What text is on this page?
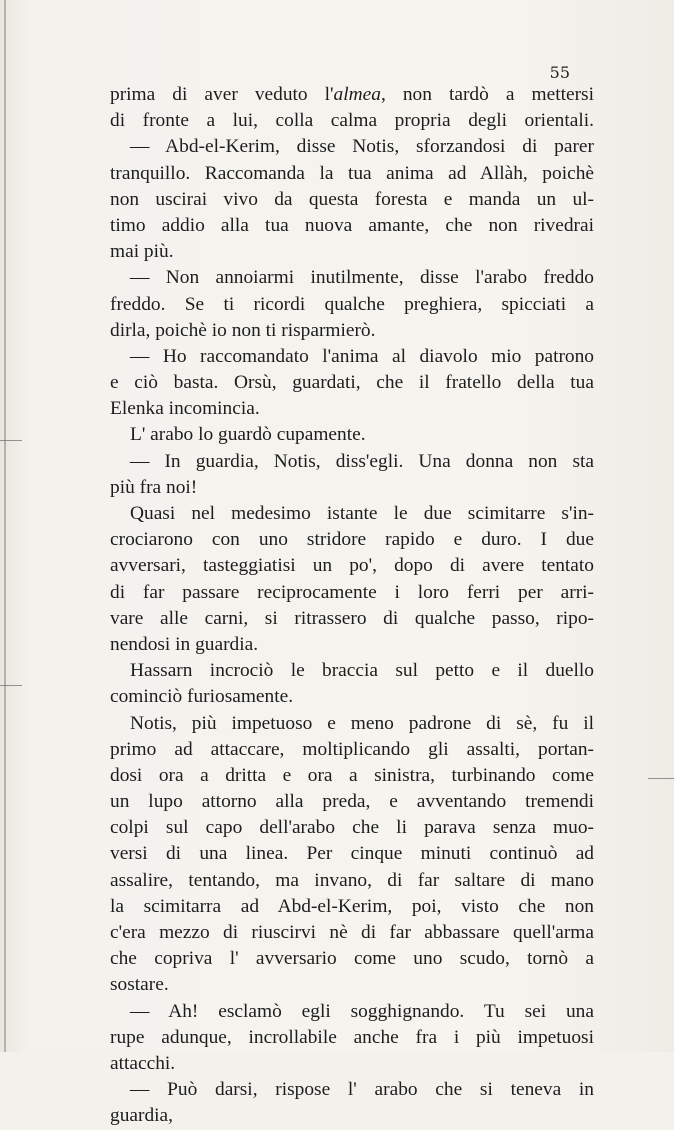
55
prima di aver veduto l'almea, non tardò a mettersi
di fronte a lui, colla calma propria degli orientali.
— Abd-el-Kerim, disse Notis, sforzandosi di parer
tranquillo. Raccomanda la tua anima ad Allàh, poichè
non uscirai vivo da questa foresta e manda un ul-
timo addio alla tua nuova amante, che non rivedrai
mai più.
— Non annoiarmi inutilmente, disse l'arabo freddo
freddo. Se ti ricordi qualche preghiera, spicciati a
dirla, poichè io non ti risparmierò.
— Ho raccomandato l'anima al diavolo mio patrono
e ciò basta. Orsù, guardati, che il fratello della tua
Elenka incomincia.
L' arabo lo guardò cupamente.
— In guardia, Notis, diss'egli. Una donna non sta
più fra noi!
Quasi nel medesimo istante le due scimitarre s'in-
crociarono con uno stridore rapido e duro. I due
avversari, tasteggiatisi un po', dopo di avere tentato
di far passare reciprocamente i loro ferri per arri-
vare alle carni, si ritrassero di qualche passo, ripo-
nendosi in guardia.
Hassarn incrociò le braccia sul petto e il duello
cominciò furiosamente.
Notis, più impetuoso e meno padrone di sè, fu il
primo ad attaccare, moltiplicando gli assalti, portan-
dosi ora a dritta e ora a sinistra, turbinando come
un lupo attorno alla preda, e avventando tremendi
colpi sul capo dell'arabo che li parava senza muo-
versi di una linea. Per cinque minuti continuò ad
assalire, tentando, ma invano, di far saltare di mano
la scimitarra ad Abd-el-Kerim, poi, visto che non
c'era mezzo di riuscirvi nè di far abbassare quell'arma
che copriva l' avversario come uno scudo, tornò a
sostare.
— Ah! esclamò egli sogghignando. Tu sei una
rupe adunque, incrollabile anche fra i più impetuosi
attacchi.
— Può darsi, rispose l' arabo che si teneva in
guardia,
